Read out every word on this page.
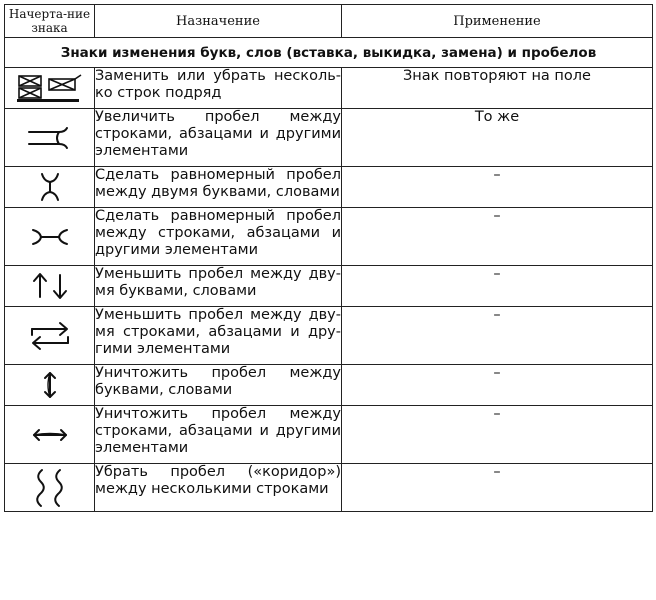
Начерта-ние знака	Назначение	Применение
Знаки изменения букв, слов (вставка, выкидка, замена) и пробелов		

	Заменить или убрать несколь-ко строк подряд	Знак повторяют на поле

	Увеличить пробел между строками, абзацами и другими элементами	То же

	Сделать равномерный пробел между двумя буквами, словами	–

	Сделать равномерный пробел между строками, абзацами и другими элементами	–

	Уменьшить пробел между дву-мя буквами, словами	–

	Уменьшить пробел между дву-мя строками, абзацами и дру-гими элементами	–

	Уничтожить пробел между буквами, словами	–

	Уничтожить пробел между строками, абзацами и другими элементами	–

	Убрать пробел («коридор») между несколькими строками	–
